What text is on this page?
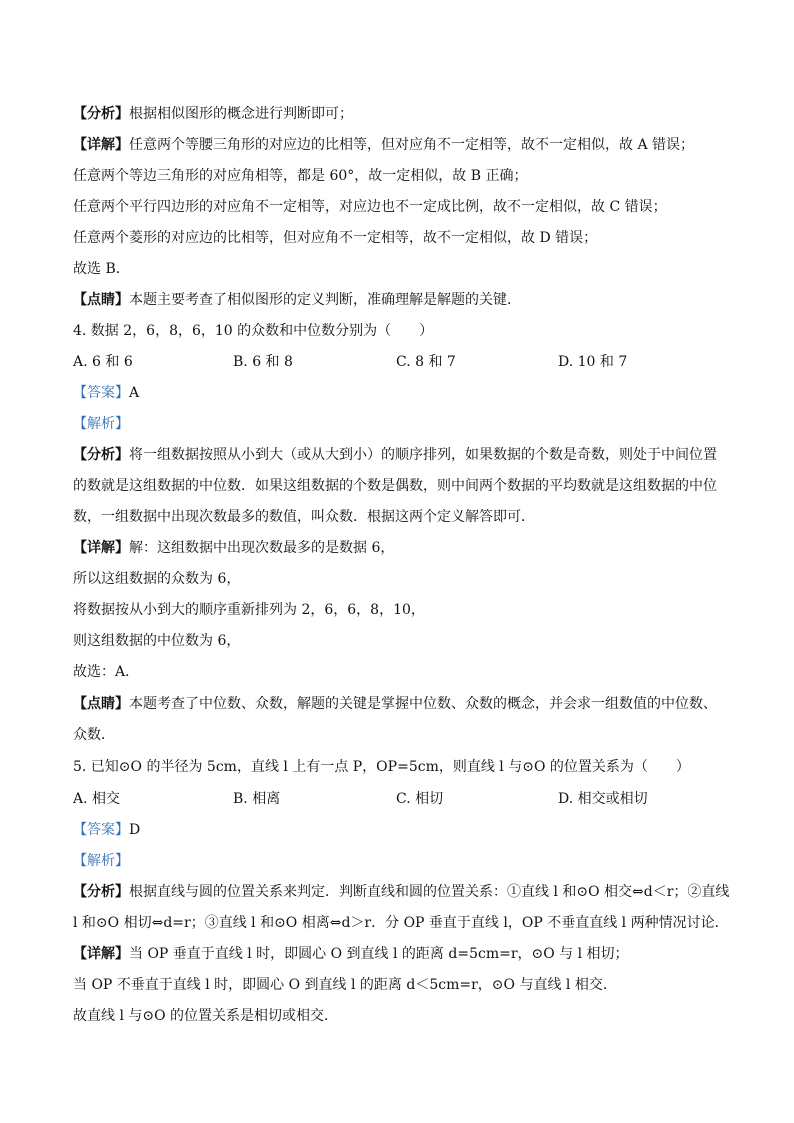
【分析】根据相似图形的概念进行判断即可；
【详解】任意两个等腰三角形的对应边的比相等，但对应角不一定相等，故不一定相似，故 A 错误；
任意两个等边三角形的对应角相等，都是 60°，故一定相似，故 B 正确；
任意两个平行四边形的对应角不一定相等，对应边也不一定成比例，故不一定相似，故 C 错误；
任意两个菱形的对应边的比相等，但对应角不一定相等，故不一定相似，故 D 错误；
故选 B．
【点睛】本题主要考查了相似图形的定义判断，准确理解是解题的关键．
4. 数据 2，6，8，6，10 的众数和中位数分别为（　　）
A. 6 和 6	B. 6 和 8	C. 8 和 7	D. 10 和 7
【答案】A
【解析】
【分析】将一组数据按照从小到大（或从大到小）的顺序排列，如果数据的个数是奇数，则处于中间位置
的数就是这组数据的中位数．如果这组数据的个数是偶数，则中间两个数据的平均数就是这组数据的中位
数，一组数据中出现次数最多的数值，叫众数．根据这两个定义解答即可．
【详解】解：这组数据中出现次数最多的是数据 6，
所以这组数据的众数为 6，
将数据按从小到大的顺序重新排列为 2，6，6，8，10，
则这组数据的中位数为 6，
故选：A．
【点睛】本题考查了中位数、众数，解题的关键是掌握中位数、众数的概念，并会求一组数值的中位数、
众数．
5. 已知⊙O 的半径为 5cm，直线 l 上有一点 P，OP=5cm，则直线 l 与⊙O 的位置关系为（　　）
A. 相交	B. 相离	C. 相切	D. 相交或相切
【答案】D
【解析】
【分析】根据直线与圆的位置关系来判定．判断直线和圆的位置关系：①直线 l 和⊙O 相交⇔d＜r；②直线
l 和⊙O 相切⇔d=r；③直线 l 和⊙O 相离⇔d＞r．分 OP 垂直于直线 l，OP 不垂直直线 l 两种情况讨论．
【详解】当 OP 垂直于直线 l 时，即圆心 O 到直线 l 的距离 d=5cm=r，⊙O 与 l 相切；
当 OP 不垂直于直线 l 时，即圆心 O 到直线 l 的距离 d＜5cm=r，⊙O 与直线 l 相交．
故直线 l 与⊙O 的位置关系是相切或相交．
